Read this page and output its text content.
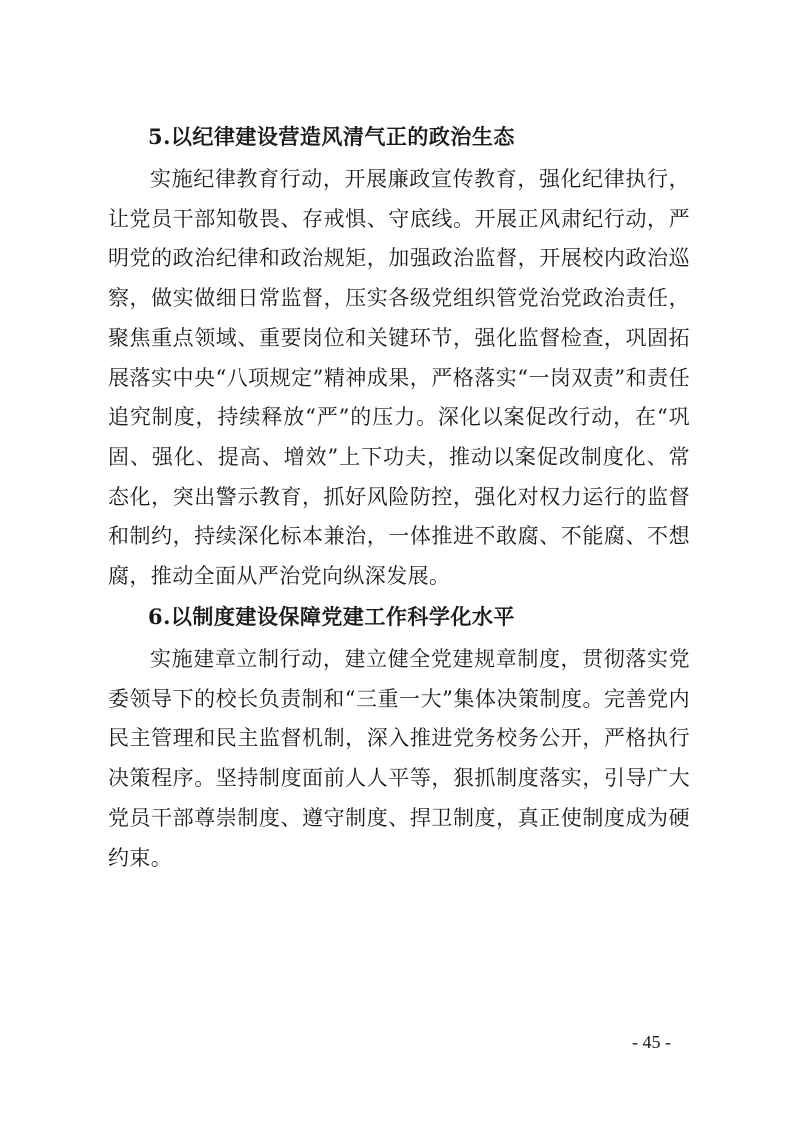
5.以纪律建设营造风清气正的政治生态

实施纪律教育行动，开展廉政宣传教育，强化纪律执行，让党员干部知敬畏、存戒惧、守底线。开展正风肃纪行动，严明党的政治纪律和政治规矩，加强政治监督，开展校内政治巡察，做实做细日常监督，压实各级党组织管党治党政治责任，聚焦重点领域、重要岗位和关键环节，强化监督检查，巩固拓展落实中央“八项规定”精神成果，严格落实“一岗双责”和责任追究制度，持续释放“严”的压力。深化以案促改行动，在“巩固、强化、提高、增效”上下功夫，推动以案促改制度化、常态化，突出警示教育，抓好风险防控，强化对权力运行的监督和制约，持续深化标本兼治，一体推进不敢腐、不能腐、不想腐，推动全面从严治党向纵深发展。

6.以制度建设保障党建工作科学化水平

实施建章立制行动，建立健全党建规章制度，贯彻落实党委领导下的校长负责制和“三重一大”集体决策制度。完善党内民主管理和民主监督机制，深入推进党务校务公开，严格执行决策程序。坚持制度面前人人平等，狠抓制度落实，引导广大党员干部尊崇制度、遵守制度、捍卫制度，真正使制度成为硬约束。

- 45 -
